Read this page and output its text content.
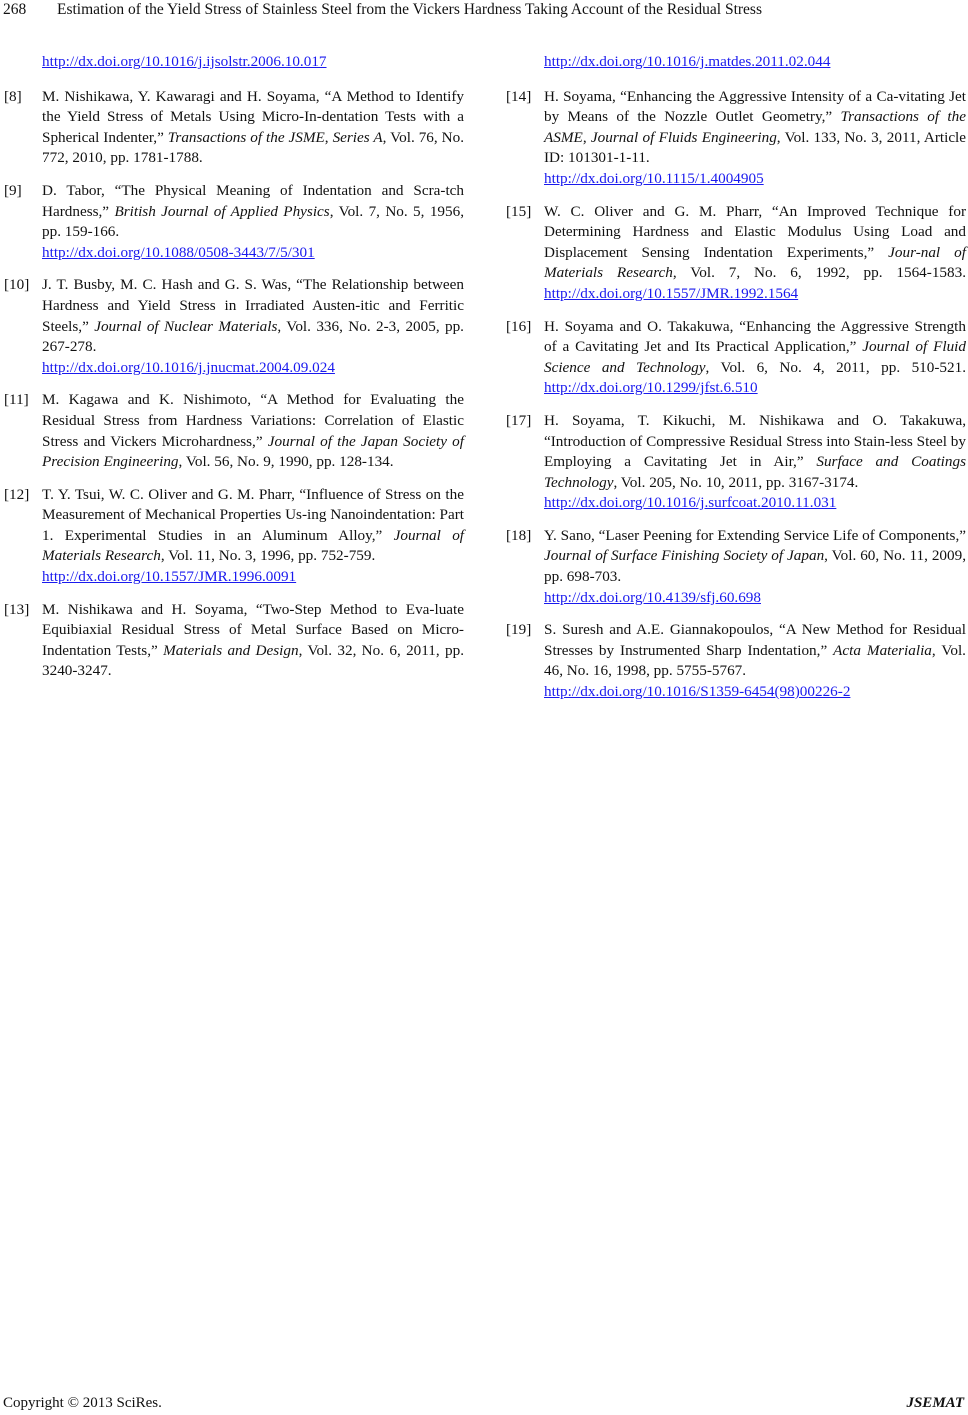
268 Estimation of the Yield Stress of Stainless Steel from the Vickers Hardness Taking Account of the Residual Stress
http://dx.doi.org/10.1016/j.ijsolstr.2006.10.017
[8]	M. Nishikawa, Y. Kawaragi and H. Soyama, “A Method to Identify the Yield Stress of Metals Using Micro-In-dentation Tests with a Spherical Indenter,” Transactions of the JSME, Series A, Vol. 76, No. 772, 2010, pp. 1781-1788.
[9]	D. Tabor, “The Physical Meaning of Indentation and Scra-tch Hardness,” British Journal of Applied Physics, Vol. 7, No. 5, 1956, pp. 159-166.
http://dx.doi.org/10.1088/0508-3443/7/5/301
[10] J. T. Busby, M. C. Hash and G. S. Was, “The Relationship between Hardness and Yield Stress in Irradiated Austen-itic and Ferritic Steels,” Journal of Nuclear Materials, Vol. 336, No. 2-3, 2005, pp. 267-278.
http://dx.doi.org/10.1016/j.jnucmat.2004.09.024
[11] M. Kagawa and K. Nishimoto, “A Method for Evaluating the Residual Stress from Hardness Variations: Correlation of Elastic Stress and Vickers Microhardness,” Journal of the Japan Society of Precision Engineering, Vol. 56, No. 9, 1990, pp. 128-134.
[12] T. Y. Tsui, W. C. Oliver and G. M. Pharr, “Influence of Stress on the Measurement of Mechanical Properties Us-ing Nanoindentation: Part 1. Experimental Studies in an Aluminum Alloy,” Journal of Materials Research, Vol. 11, No. 3, 1996, pp. 752-759.
http://dx.doi.org/10.1557/JMR.1996.0091
[13] M. Nishikawa and H. Soyama, “Two-Step Method to Eva-luate Equibiaxial Residual Stress of Metal Surface Based on Micro-Indentation Tests,” Materials and Design, Vol. 32, No. 6, 2011, pp. 3240-3247.
http://dx.doi.org/10.1016/j.matdes.2011.02.044
[14] H. Soyama, “Enhancing the Aggressive Intensity of a Ca-vitating Jet by Means of the Nozzle Outlet Geometry,” Transactions of the ASME, Journal of Fluids Engineering, Vol. 133, No. 3, 2011, Article ID: 101301-1-11.
http://dx.doi.org/10.1115/1.4004905
[15] W. C. Oliver and G. M. Pharr, “An Improved Technique for Determining Hardness and Elastic Modulus Using Load and Displacement Sensing Indentation Experiments,” Jour-nal of Materials Research, Vol. 7, No. 6, 1992, pp. 1564-1583. http://dx.doi.org/10.1557/JMR.1992.1564
[16] H. Soyama and O. Takakuwa, “Enhancing the Aggressive Strength of a Cavitating Jet and Its Practical Application,” Journal of Fluid Science and Technology, Vol. 6, No. 4, 2011, pp. 510-521. http://dx.doi.org/10.1299/jfst.6.510
[17] H. Soyama, T. Kikuchi, M. Nishikawa and O. Takakuwa, “Introduction of Compressive Residual Stress into Stain-less Steel by Employing a Cavitating Jet in Air,” Surface and Coatings Technology, Vol. 205, No. 10, 2011, pp. 3167-3174.
http://dx.doi.org/10.1016/j.surfcoat.2010.11.031
[18] Y. Sano, “Laser Peening for Extending Service Life of Components,” Journal of Surface Finishing Society of Japan, Vol. 60, No. 11, 2009, pp. 698-703.
http://dx.doi.org/10.4139/sfj.60.698
[19] S. Suresh and A.E. Giannakopoulos, “A New Method for Residual Stresses by Instrumented Sharp Indentation,” Acta Materialia, Vol. 46, No. 16, 1998, pp. 5755-5767.
http://dx.doi.org/10.1016/S1359-6454(98)00226-2
Copyright © 2013 SciRes.	JSEMAT
